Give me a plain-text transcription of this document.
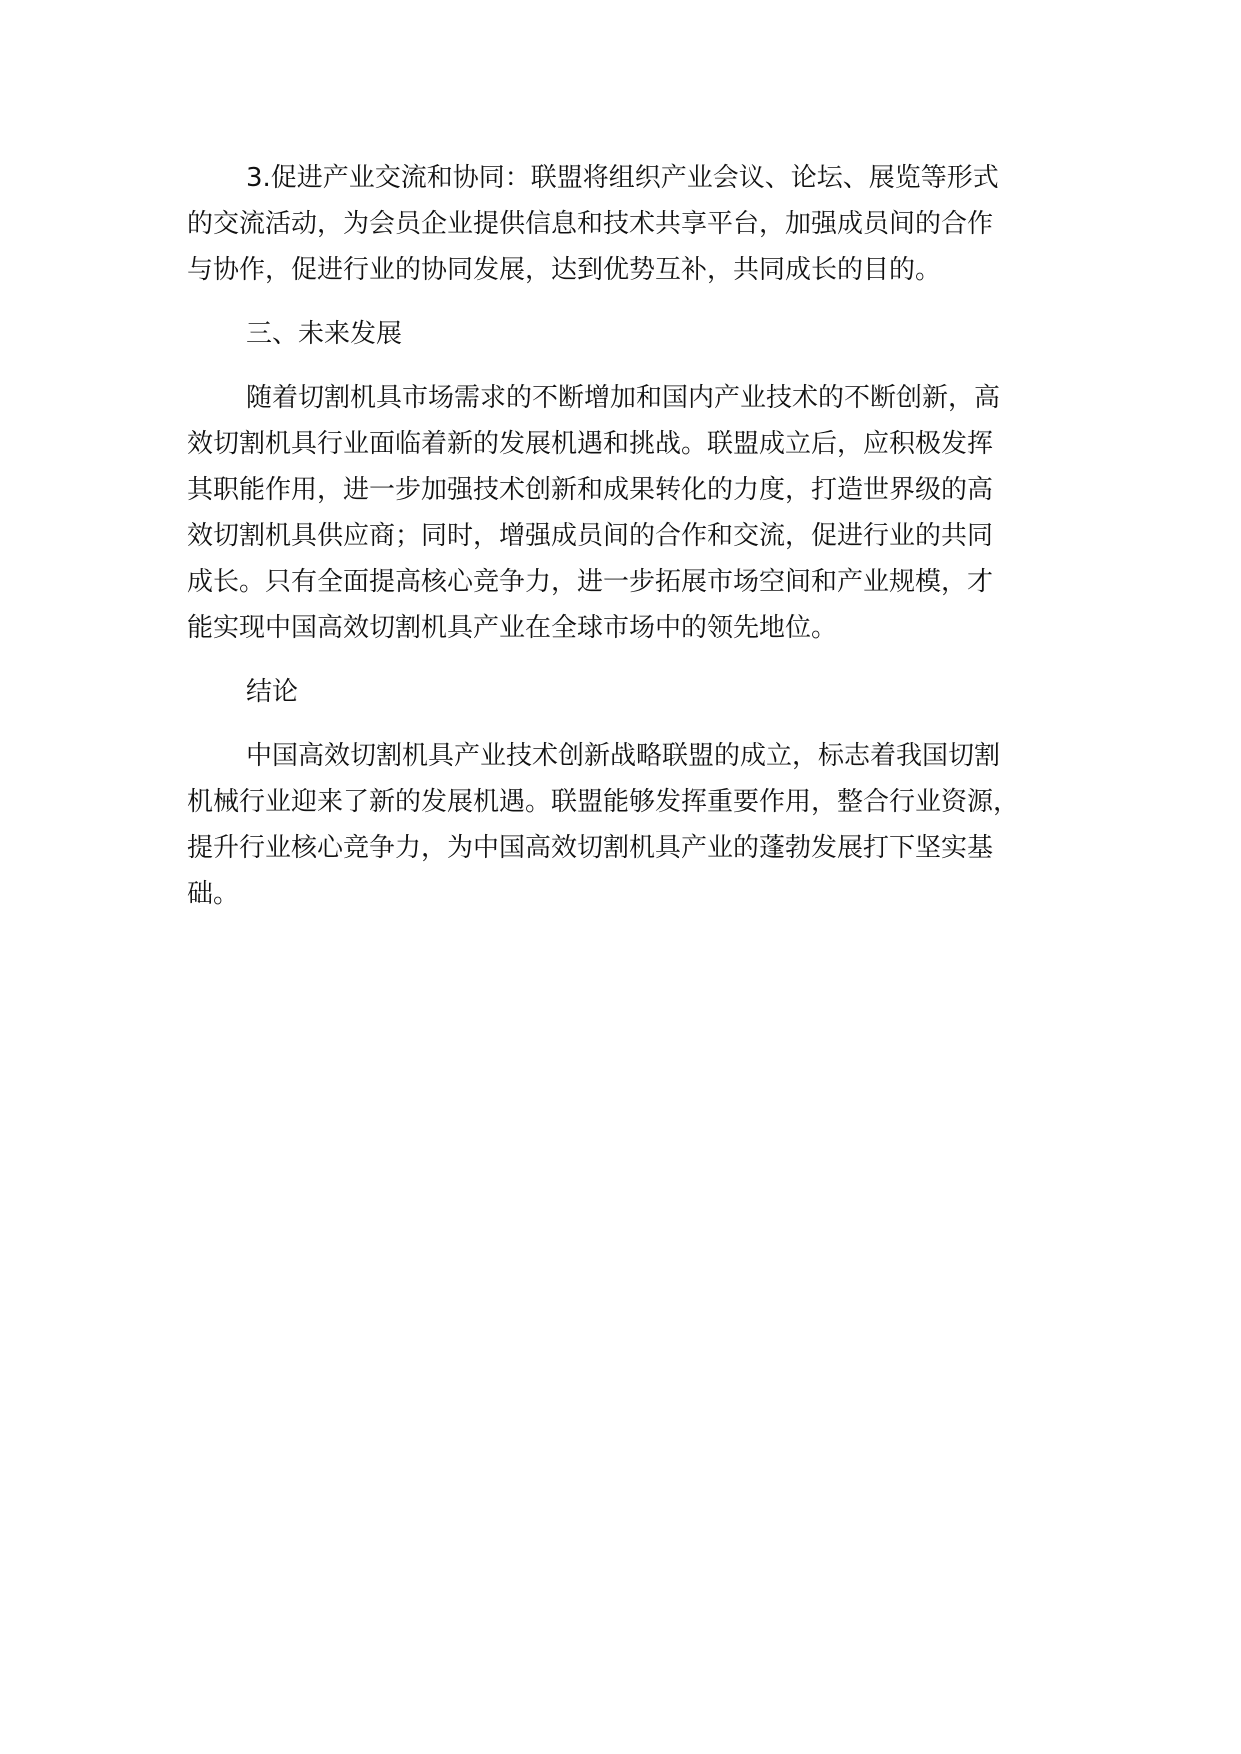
3.促进产业交流和协同：联盟将组织产业会议、论坛、展览等形式
的交流活动，为会员企业提供信息和技术共享平台，加强成员间的合作
与协作，促进行业的协同发展，达到优势互补，共同成长的目的。
三、未来发展
随着切割机具市场需求的不断增加和国内产业技术的不断创新，高
效切割机具行业面临着新的发展机遇和挑战。联盟成立后，应积极发挥
其职能作用，进一步加强技术创新和成果转化的力度，打造世界级的高
效切割机具供应商；同时，增强成员间的合作和交流，促进行业的共同
成长。只有全面提高核心竞争力，进一步拓展市场空间和产业规模，才
能实现中国高效切割机具产业在全球市场中的领先地位。
结论
中国高效切割机具产业技术创新战略联盟的成立，标志着我国切割
机械行业迎来了新的发展机遇。联盟能够发挥重要作用，整合行业资源，
提升行业核心竞争力，为中国高效切割机具产业的蓬勃发展打下坚实基
础。
